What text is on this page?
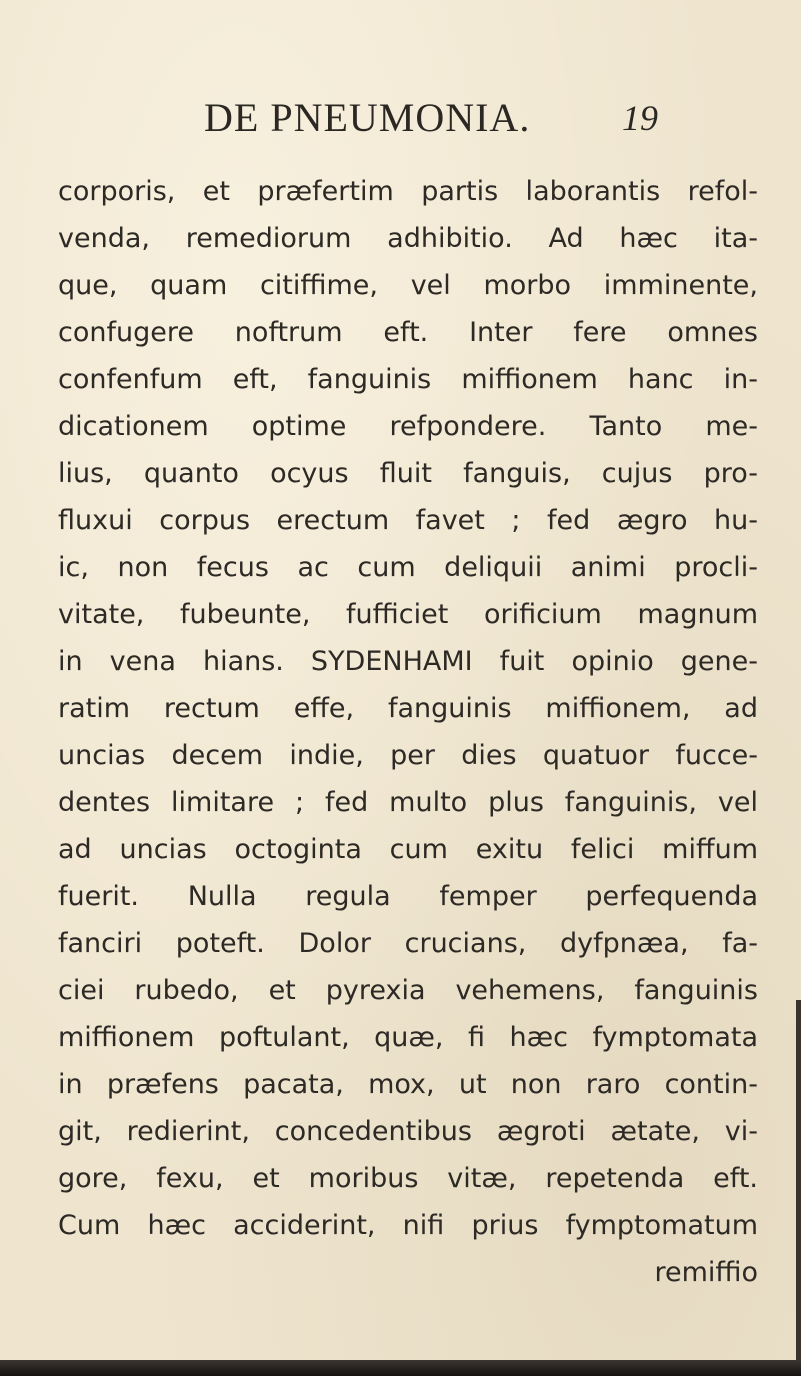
DE PNEUMONIA.	19
corporis, et præfertim partis laborantis refol-
venda, remediorum adhibitio. Ad hæc ita-
que, quam citiffime, vel morbo imminente,
confugere noftrum eft. Inter fere omnes
confenfum eft, fanguinis miffionem hanc in-
dicationem optime refpondere. Tanto me-
lius, quanto ocyus fluit fanguis, cujus pro-
fluxui corpus erectum favet ; fed ægro hu-
ic, non fecus ac cum deliquii animi procli-
vitate, fubeunte, fufficiet orificium magnum
in vena hians. SYDENHAMI fuit opinio gene-
ratim rectum effe, fanguinis miffionem, ad
uncias decem indie, per dies quatuor fucce-
dentes limitare ; fed multo plus fanguinis, vel
ad uncias octoginta cum exitu felici miffum
fuerit. Nulla regula femper perfequenda
fanciri poteft. Dolor crucians, dyfpnæa, fa-
ciei rubedo, et pyrexia vehemens, fanguinis
miffionem poftulant, quæ, fi hæc fymptomata
in præfens pacata, mox, ut non raro contin-
git, redierint, concedentibus ægroti ætate, vi-
gore, fexu, et moribus vitæ, repetenda eft.
Cum hæc acciderint, nifi prius fymptomatum
remiffio
